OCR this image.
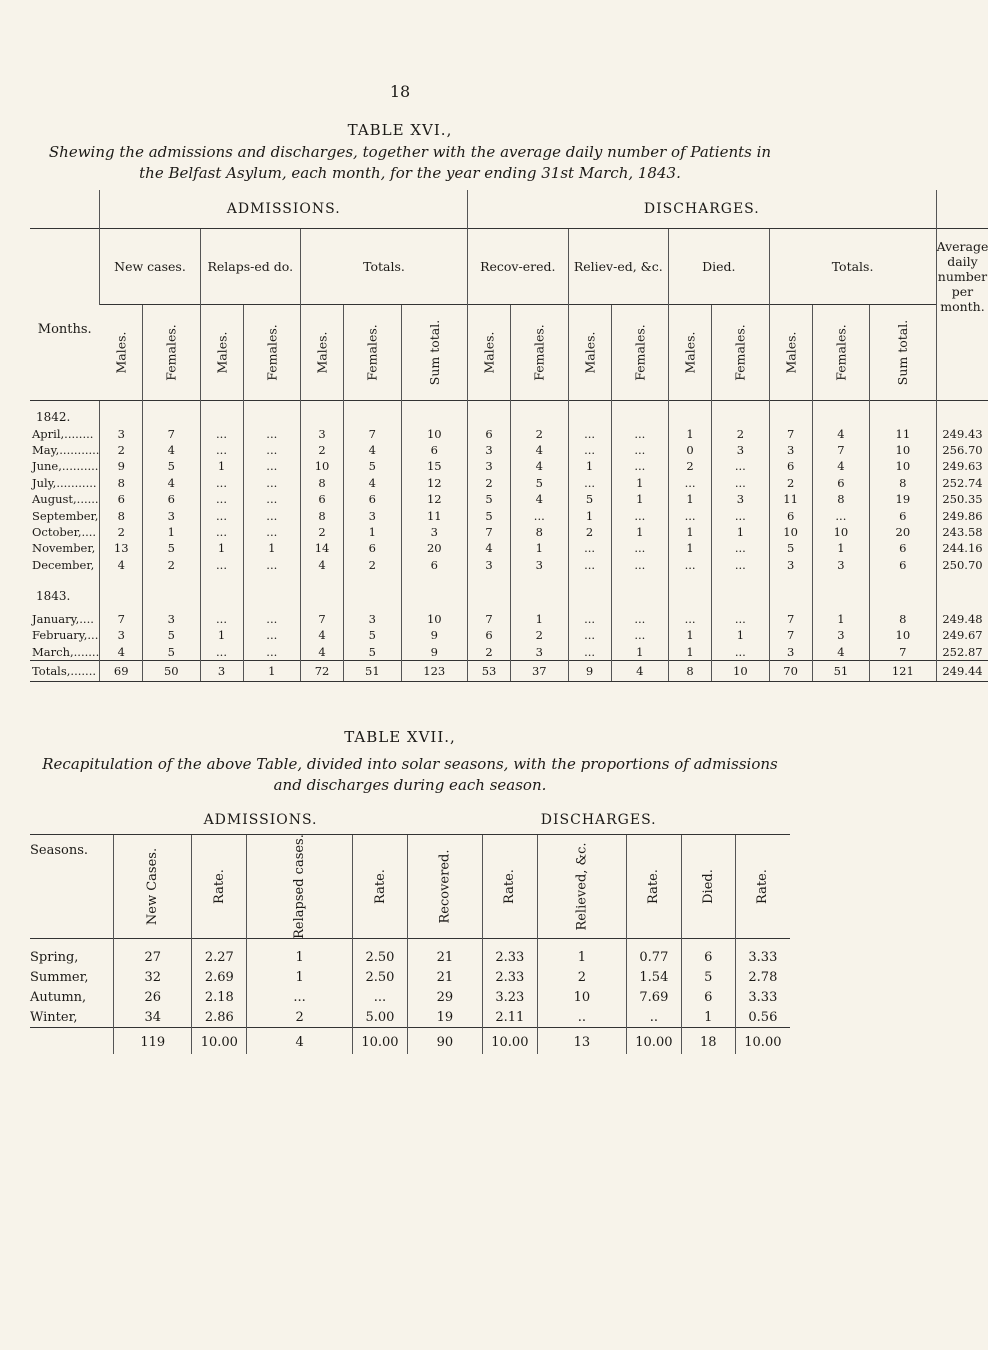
18
TABLE XVI.,
Shewing the admissions and discharges, together with the average daily number of Patients in the Belfast Asylum, each month, for the year ending 31st March, 1843.
	ADMISSIONS.							DISCHARGES.									
Months.	New cases.		Relaps-ed do.		Totals.			Recov-ered.		Reliev-ed, &c.		Died.		Totals.			Average daily number per month.
	Males.	Females.	Males.	Females.	Males.	Females.	Sum total.	Males.	Females.	Males.	Females.	Males.	Females.	Males.	Females.	Sum total.	
1842.																	
April,........	3	7	...	...	3	7	10	6	2	...	...	1	2	7	4	11	249.43
May,...........	2	4	...	...	2	4	6	3	4	...	...	0	3	3	7	10	256.70
June,..........	9	5	1	...	10	5	15	3	4	1	...	2	...	6	4	10	249.63
July,...........	8	4	...	...	8	4	12	2	5	...	1	...	...	2	6	8	252.74
August,......	6	6	...	...	6	6	12	5	4	5	1	1	3	11	8	19	250.35
September,	8	3	...	...	8	3	11	5	...	1	...	...	...	6	...	6	249.86
October,....	2	1	...	...	2	1	3	7	8	2	1	1	1	10	10	20	243.58
November,	13	5	1	1	14	6	20	4	1	...	...	1	...	5	1	6	244.16
December,	4	2	...	...	4	2	6	3	3	...	...	...	...	3	3	6	250.70
1843.																	
January,....	7	3	...	...	7	3	10	7	1	...	...	...	...	7	1	8	249.48
February,...	3	5	1	...	4	5	9	6	2	...	...	1	1	7	3	10	249.67
March,.......	4	5	...	...	4	5	9	2	3	...	1	1	...	3	4	7	252.87
Totals,.......	69	50	3	1	72	51	123	53	37	9	4	8	10	70	51	121	249.44
TABLE XVII.,
Recapitulation of the above Table, divided into solar seasons, with the proportions of admissions and discharges during each season.
	ADMISSIONS.				DISCHARGES.					
Seasons.	New Cases.	Rate.	Relapsed cases.	Rate.	Recovered.	Rate.	Relieved, &c.	Rate.	Died.	Rate.
Spring,	27	2.27	1	2.50	21	2.33	1	0.77	6	3.33
Summer,	32	2.69	1	2.50	21	2.33	2	1.54	5	2.78
Autumn,	26	2.18	...	...	29	3.23	10	7.69	6	3.33
Winter,	34	2.86	2	5.00	19	2.11	..	..	1	0.56
	119	10.00	4	10.00	90	10.00	13	10.00	18	10.00
